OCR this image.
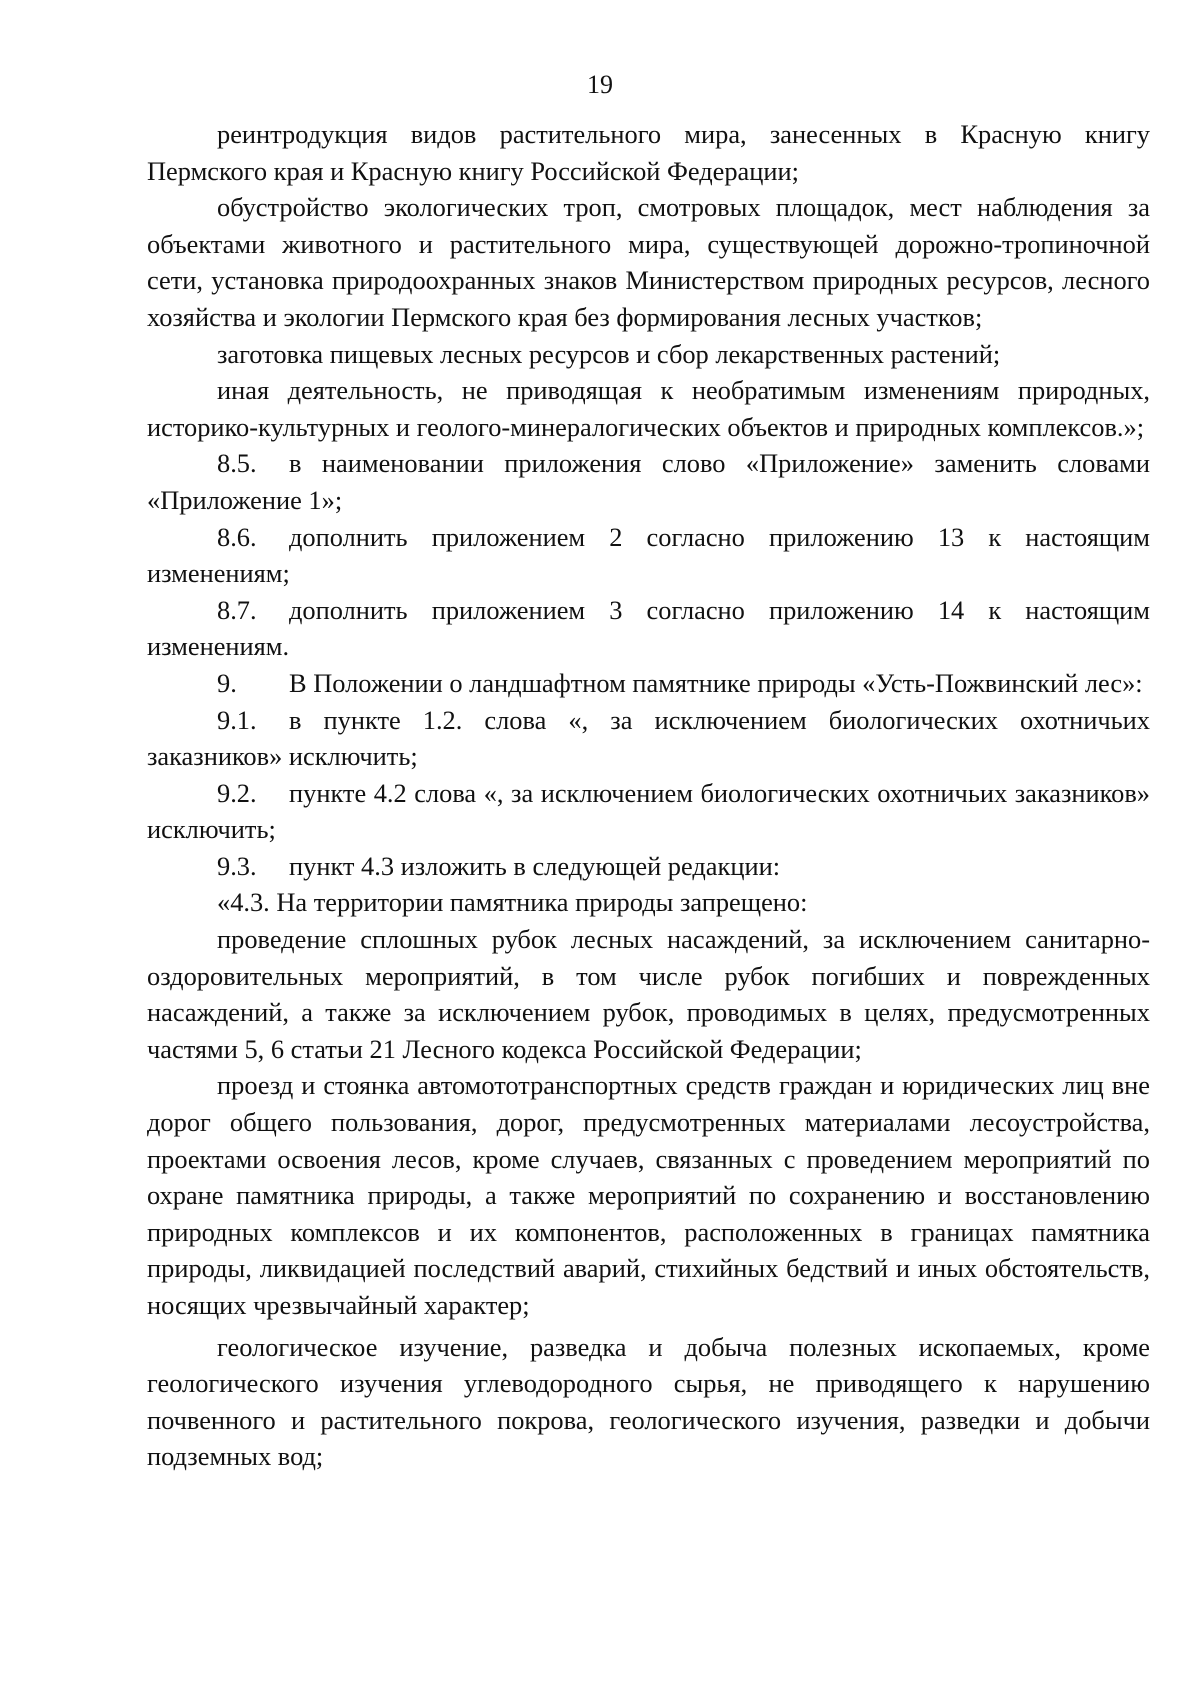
19

реинтродукция видов растительного мира, занесенных в Красную книгу Пермского края и Красную книгу Российской Федерации;

обустройство экологических троп, смотровых площадок, мест наблюдения за объектами животного и растительного мира, существующей дорожно-тропиночной сети, установка природоохранных знаков Министерством природных ресурсов, лесного хозяйства и экологии Пермского края без формирования лесных участков;

заготовка пищевых лесных ресурсов и сбор лекарственных растений;

иная деятельность, не приводящая к необратимым изменениям природных, историко-культурных и геолого-минералогических объектов и природных комплексов.»;

8.5. в наименовании приложения слово «Приложение» заменить словами «Приложение 1»;

8.6. дополнить приложением 2 согласно приложению 13 к настоящим изменениям;

8.7. дополнить приложением 3 согласно приложению 14 к настоящим изменениям.

9. В Положении о ландшафтном памятнике природы «Усть-Пожвинский лес»:

9.1. в пункте 1.2. слова «, за исключением биологических охотничьих заказников» исключить;

9.2. пункте 4.2 слова «, за исключением биологических охотничьих заказников» исключить;

9.3. пункт 4.3 изложить в следующей редакции:

«4.3. На территории памятника природы запрещено:

проведение сплошных рубок лесных насаждений, за исключением санитарно-оздоровительных мероприятий, в том числе рубок погибших и поврежденных насаждений, а также за исключением рубок, проводимых в целях, предусмотренных частями 5, 6 статьи 21 Лесного кодекса Российской Федерации;

проезд и стоянка автомототранспортных средств граждан и юридических лиц вне дорог общего пользования, дорог, предусмотренных материалами лесоустройства, проектами освоения лесов, кроме случаев, связанных с проведением мероприятий по охране памятника природы, а также мероприятий по сохранению и восстановлению природных комплексов и их компонентов, расположенных в границах памятника природы, ликвидацией последствий аварий, стихийных бедствий и иных обстоятельств, носящих чрезвычайный характер;

геологическое изучение, разведка и добыча полезных ископаемых, кроме геологического изучения углеводородного сырья, не приводящего к нарушению почвенного и растительного покрова, геологического изучения, разведки и добычи подземных вод;
